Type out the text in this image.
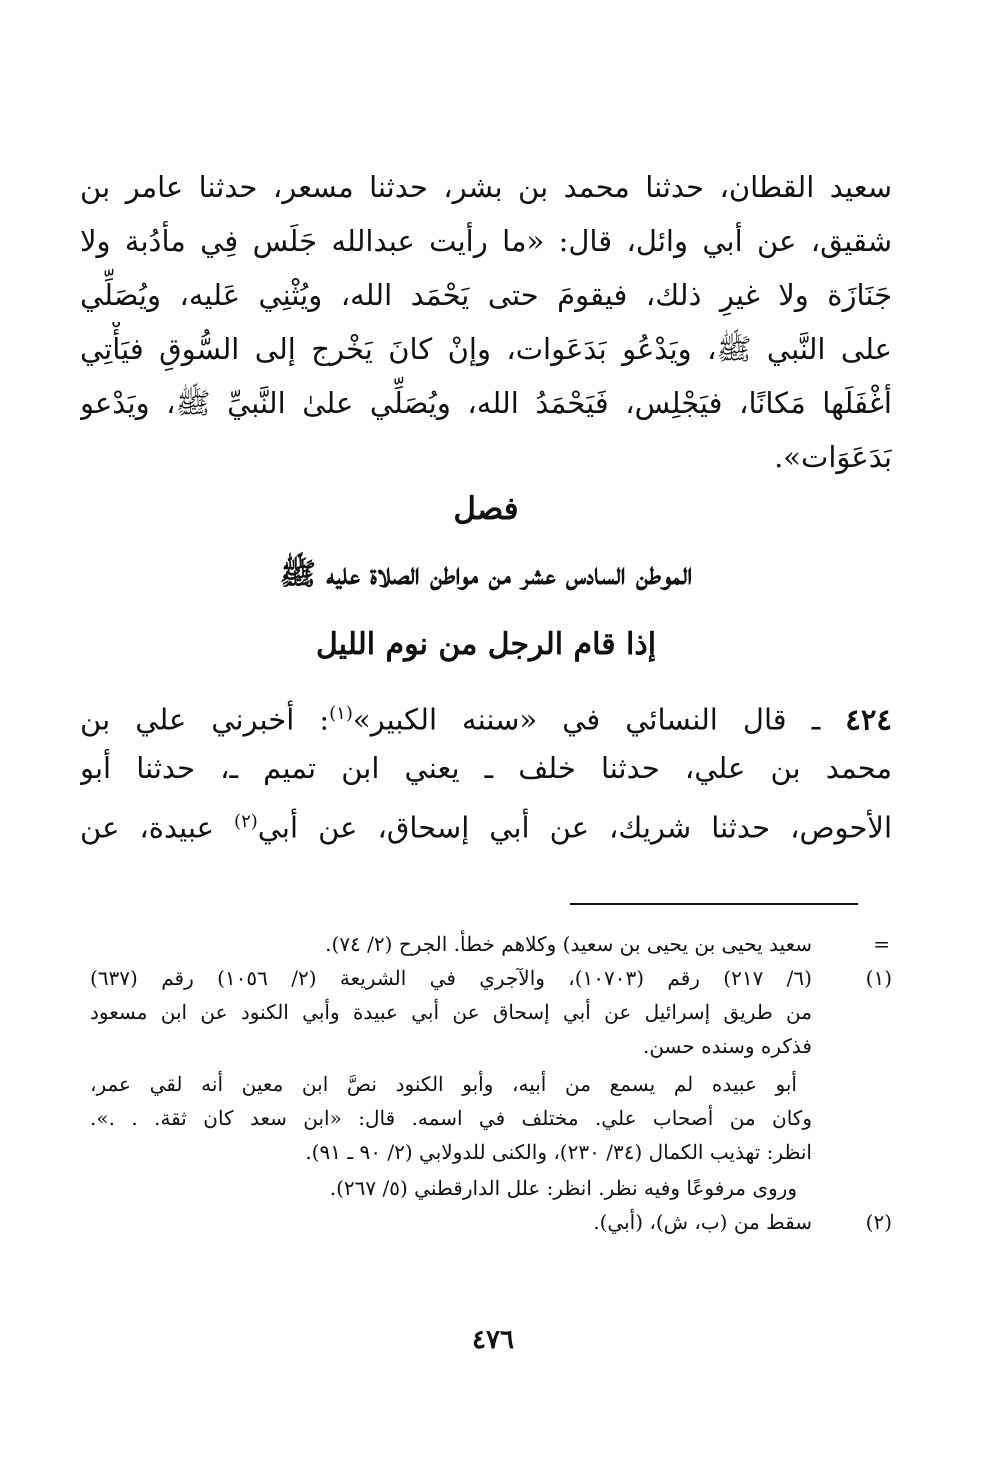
سعيد القطان، حدثنا محمد بن بشر، حدثنا مسعر، حدثنا عامر بن
شقيق، عن أبي وائل، قال: «ما رأيت عبدالله جَلَس فِي مأدُبة ولا
جَنَازَة ولا غيرِ ذلك، فيقومَ حتى يَحْمَد الله، ويُثْنِي عَليه، ويُصَلِّي
على النَّبي ﷺ، ويَدْعُو بَدَعَوات، وإنْ كانَ يَخْرج إلى السُّوقِ فيَأْتِي
أغْفَلَها مَكانًا، فيَجْلِس، فَيَحْمَدُ الله، ويُصَلِّي علىٰ النَّبيِّ ﷺ، ويَدْعو
بَدَعَوَات».
فصل
الموطن السادس عشر من مواطن الصلاة عليه ﷺ
إذا قام الرجل من نوم الليل
٤٢٤ ـ قال النسائي في «سننه الكبير»$^{(١)}$: أخبرني علي بن
محمد بن علي، حدثنا خلف ـ يعني ابن تميم ـ، حدثنا أبو
الأحوص، حدثنا شريك، عن أبي إسحاق، عن أبي$^{(٢)}$ عبيدة، عن
=
سعيد يحيى بن يحيى بن سعيد) وكلاهم خطأ. الجرح (٢/ ٧٤).
(١)
(٦/ ٢١٧) رقم (١٠٧٠٣)، والآجري في الشريعة (٢/ ١٠٥٦) رقم (٦٣٧)
من طريق إسرائيل عن أبي إسحاق عن أبي عبيدة وأبي الكنود عن ابن مسعود
فذكره وسنده حسن.
أبو عبيده لم يسمع من أبيه، وأبو الكنود نصَّ ابن معين أنه لقي عمر،
وكان من أصحاب علي. مختلف في اسمه. قال: «ابن سعد كان ثقة. . .».
انظر: تهذيب الكمال (٣٤/ ٢٣٠)، والكنى للدولابي (٢/ ٩٠ ـ ٩١).
وروى مرفوعًا وفيه نظر. انظر: علل الدارقطني (٥/ ٢٦٧).
(٢)
سقط من (ب، ش)، (أبي).
٤٧٦
